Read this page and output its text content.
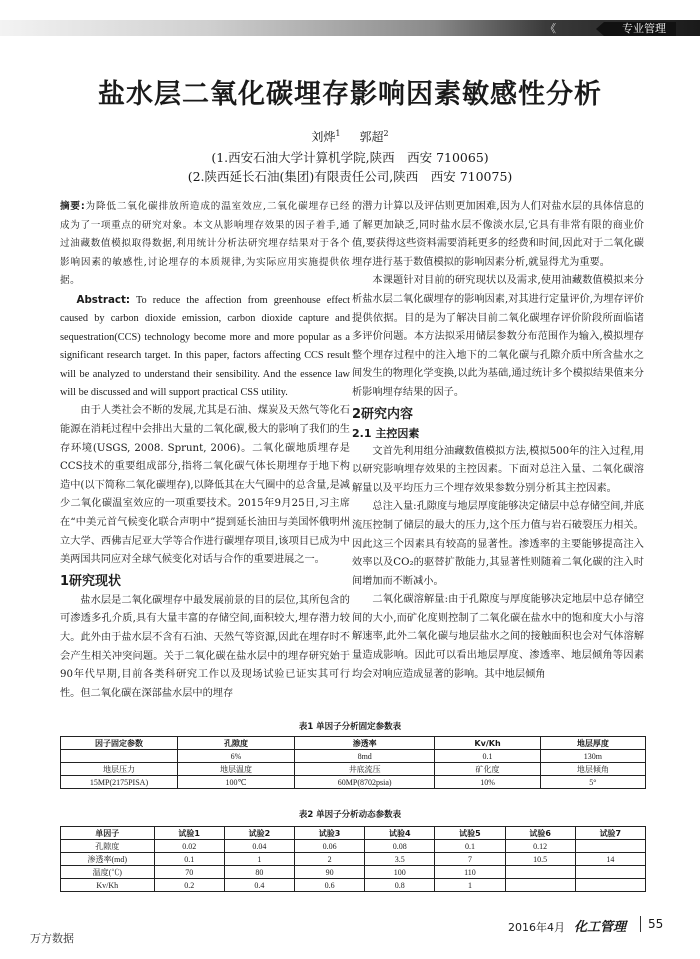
《	专业管理
盐水层二氧化碳埋存影响因素敏感性分析
刘烨$^1$ 郭超$^2$
(1.西安石油大学计算机学院,陕西　西安 710065)
(2.陕西延长石油(集团)有限责任公司,陕西　西安 710075)

摘要:为降低二氧化碳排放所造成的温室效应,二氧化碳埋存已经成为了一项重点的研究对象。本文从影响埋存效果的因子着手,通过油藏数值模拟取得数据,利用统计分析法研究埋存结果对于各个影响因素的敏感性,讨论埋存的本质规律,为实际应用实施提供依据。

Abstract: To reduce the affection from greenhouse effect caused by carbon dioxide emission, carbon dioxide capture and sequestration(CCS) technology become more and more popular as a significant research target. In this paper, factors affecting CCS result will be analyzed to understand their sensibility. And the essence law will be discussed and will support practical CSS utility.

由于人类社会不断的发展,尤其是石油、煤炭及天然气等化石能源在消耗过程中会排出大量的二氧化碳,极大的影响了我们的生存环境(USGS, 2008. Sprunt, 2006)。二氧化碳地质埋存是CCS技术的重要组成部分,指将二氧化碳气体长期埋存于地下构造中(以下简称二氧化碳埋存),以降低其在大气圈中的总含量,是减少二氧化碳温室效应的一项重要技术。2015年9月25日,习主席在“中美元首气候变化联合声明中”提到延长油田与美国怀俄明州立大学、西佛吉尼亚大学等合作进行碳埋存项目,该项目已成为中美两国共同应对全球气候变化对话与合作的重要进展之一。

1研究现状

盐水层是二氧化碳埋存中最发展前景的目的层位,其所包含的可渗透多孔介质,具有大量丰富的存储空间,面积较大,埋存潜力较大。此外由于盐水层不含有石油、天然气等资源,因此在埋存时不会产生相关冲突问题。关于二氧化碳在盐水层中的埋存研究始于90年代早期,目前各类科研究工作以及现场试验已证实其可行性。但二氧化碳在深部盐水层中的埋存

的潜力计算以及评估则更加困难,因为人们对盐水层的具体信息的了解更加缺乏,同时盐水层不像淡水层,它具有非常有限的商业价值,要获得这些资料需要消耗更多的经费和时间,因此对于二氧化碳埋存进行基于数值模拟的影响因素分析,就显得尤为重要。

本课题针对目前的研究现状以及需求,使用油藏数值模拟来分析盐水层二氧化碳埋存的影响因素,对其进行定量评价,为埋存评价提供依据。目的是为了解决目前二氧化碳埋存评价阶段所面临诸多评价问题。本方法拟采用储层参数分布范围作为输入,模拟埋存整个埋存过程中的注入地下的二氧化碳与孔隙介质中所含盐水之间发生的物理化学变换,以此为基础,通过统计多个模拟结果值来分析影响埋存结果的因子。

2研究内容
2.1 主控因素

文首先利用组分油藏数值模拟方法,模拟500年的注入过程,用以研究影响埋存效果的主控因素。下面对总注入量、二氧化碳溶解量以及平均压力三个埋存效果参数分别分析其主控因素。

总注入量:孔隙度与地层厚度能够决定储层中总存储空间,并底流压控制了储层的最大的压力,这个压力值与岩石破裂压力相关。因此这三个因素具有较高的显著性。渗透率的主要能够提高注入效率以及CO₂的驱替扩散能力,其显著性则随着二氧化碳的注入时间增加而不断减小。

二氧化碳溶解量:由于孔隙度与厚度能够决定地层中总存储空间的大小,而矿化度则控制了二氧化碳在盐水中的饱和度大小与溶解速率,此外二氧化碳与地层盐水之间的接触面积也会对气体溶解量造成影响。因此可以看出地层厚度、渗透率、地层倾角等因素均会对响应造成显著的影响。其中地层倾角

表1 单因子分析固定参数表
因子固定参数	孔隙度	渗透率	Kv/Kh	地层厚度
	6%	8md	0.1	130m
地层压力	地层温度	井底流压	矿化度	地层倾角
15MP(2175PISA)	100℃	60MP(8702psia)	10%	5°
表2 单因子分析动态参数表
单因子	试验1	试验2	试验3	试验4	试验5	试验6	试验7
孔隙度	0.02	0.04	0.06	0.08	0.1	0.12	
渗透率(md)	0.1	1	2	3.5	7	10.5	14
温度(℃)	70	80	90	100	110		
Kv/Kh	0.2	0.4	0.6	0.8	1		
2016年4月 化工管理 55
万方数据
